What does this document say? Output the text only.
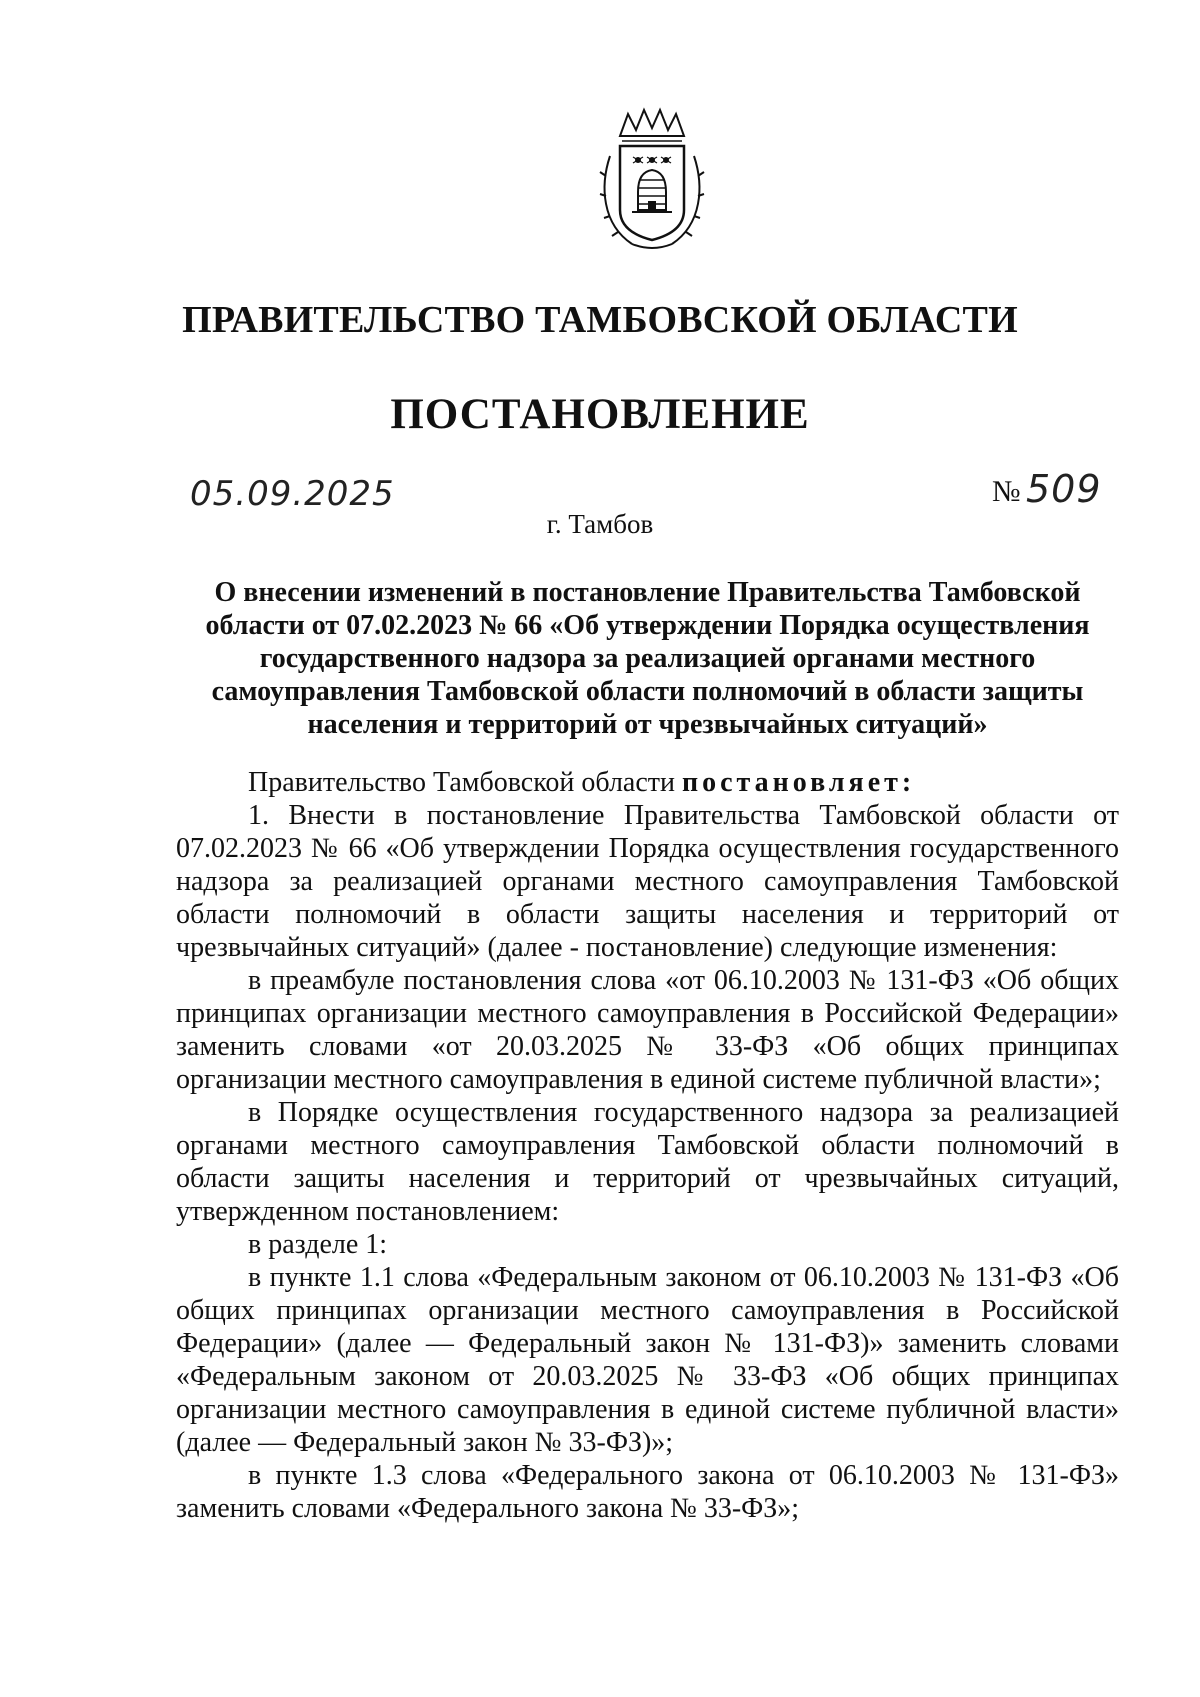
ПРАВИТЕЛЬСТВО ТАМБОВСКОЙ ОБЛАСТИ
ПОСТАНОВЛЕНИЕ
05.09.2025	№ 509
г. Тамбов
О внесении изменений в постановление Правительства Тамбовской области от 07.02.2023 № 66 «Об утверждении Порядка осуществления государственного надзора за реализацией органами местного самоуправления Тамбовской области полномочий в области защиты населения и территорий от чрезвычайных ситуаций»

Правительство Тамбовской области постановляет:

1. Внести в постановление Правительства Тамбовской области от 07.02.2023 № 66 «Об утверждении Порядка осуществления государственного надзора за реализацией органами местного самоуправления Тамбовской области полномочий в области защиты населения и территорий от чрезвычайных ситуаций» (далее - постановление) следующие изменения:

в преамбуле постановления слова «от 06.10.2003 № 131-ФЗ «Об общих принципах организации местного самоуправления в Российской Федерации» заменить словами «от 20.03.2025 № 33-ФЗ «Об общих принципах организации местного самоуправления в единой системе публичной власти»;

в Порядке осуществления государственного надзора за реализацией органами местного самоуправления Тамбовской области полномочий в области защиты населения и территорий от чрезвычайных ситуаций, утвержденном постановлением:

в разделе 1:

в пункте 1.1 слова «Федеральным законом от 06.10.2003 № 131-ФЗ «Об общих принципах организации местного самоуправления в Российской Федерации» (далее — Федеральный закон № 131-ФЗ)» заменить словами «Федеральным законом от 20.03.2025 № 33-ФЗ «Об общих принципах организации местного самоуправления в единой системе публичной власти» (далее — Федеральный закон № 33-ФЗ)»;

в пункте 1.3 слова «Федерального закона от 06.10.2003 № 131-ФЗ» заменить словами «Федерального закона № 33-ФЗ»;
